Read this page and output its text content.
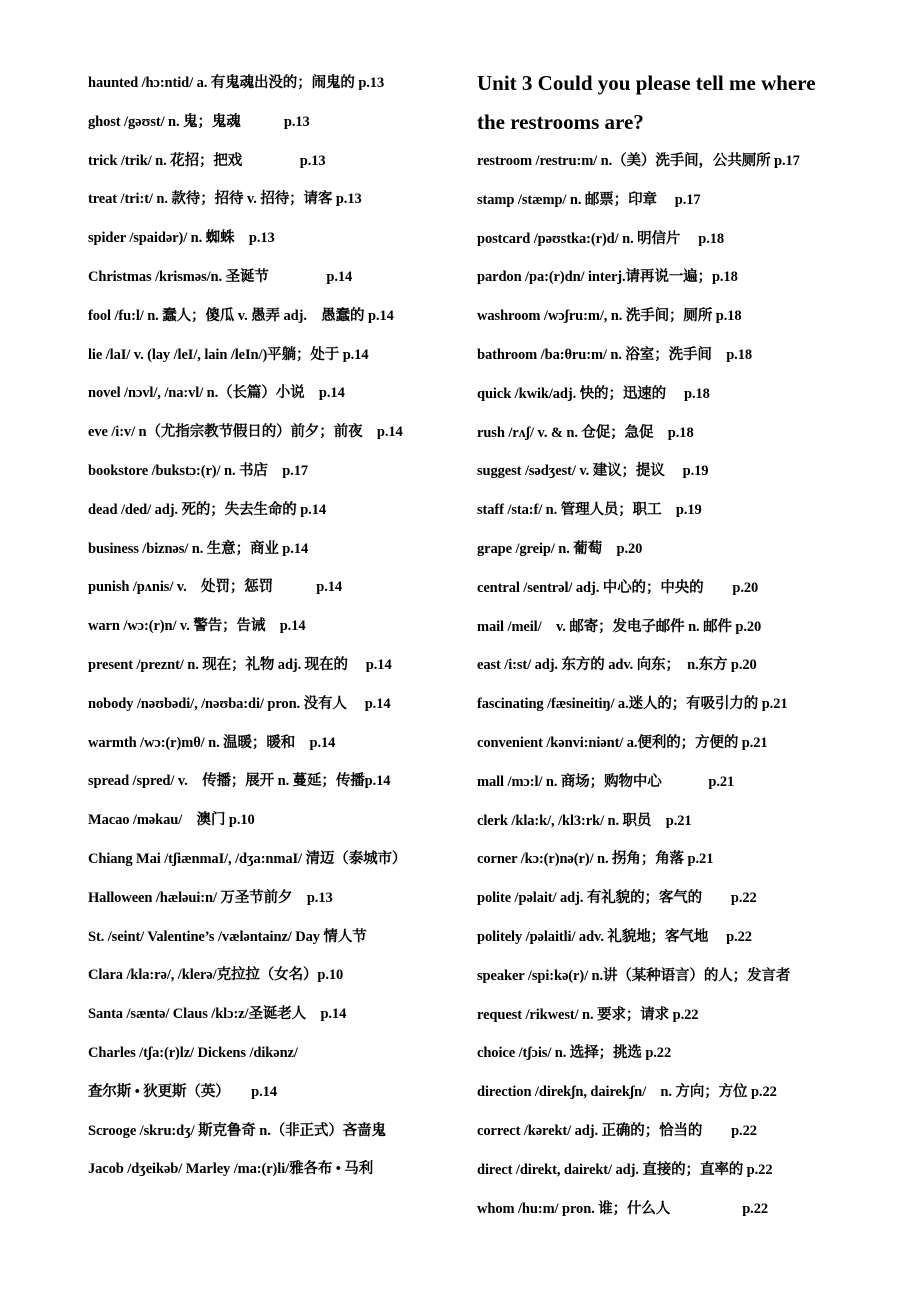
haunted /hɔ:ntid/ a. 有鬼魂出没的；闹鬼的 p.13
ghost /gəʊst/ n. 鬼；鬼魂　　　p.13
trick /trik/ n. 花招；把戏　　　　p.13
treat /tri:t/ n. 款待；招待 v. 招待；请客 p.13
spider /spaidər)/ n. 蜘蛛　p.13
Christmas /krisməs/n. 圣诞节　　　　p.14
fool /fu:l/ n. 蠢人；傻瓜 v. 愚弄 adj.　愚蠢的 p.14
lie /laI/ v. (lay /leI/, lain /leIn/)平躺；处于 p.14
novel /nɔvl/, /na:vl/ n.（长篇）小说　p.14
eve /i:v/ n（尤指宗教节假日的）前夕；前夜　p.14
bookstore /bukstɔ:(r)/ n. 书店　p.17
dead /ded/ adj. 死的；失去生命的 p.14
business /biznəs/ n. 生意；商业 p.14
punish /pʌnis/ v.　处罚；惩罚　　　p.14
warn /wɔ:(r)n/ v. 警告；告诫　p.14
present /preznt/ n. 现在；礼物 adj. 现在的　 p.14
nobody /nəʊbədi/, /nəʊba:di/ pron. 没有人　 p.14
warmth /wɔ:(r)mθ/ n. 温暖；暖和　p.14
spread /spred/ v.　传播；展开 n. 蔓延；传播p.14
Macao /məkau/　澳门 p.10
Chiang Mai /tʃiænmaI/, /dʒa:nmaI/ 清迈（泰城市）
Halloween /hæləui:n/ 万圣节前夕　p.13
St. /seint/ Valentine’s /væləntainz/ Day 情人节
Clara /kla:rə/, /klerə/克拉拉（女名）p.10
Santa /sæntə/ Claus /klɔ:z/圣诞老人　p.14
Charles /tʃa:(r)lz/ Dickens /dikənz/
查尔斯 • 狄更斯（英）　　p.14
Scrooge /skru:dʒ/ 斯克鲁奇 n.（非正式）吝啬鬼
Jacob /dʒeikəb/ Marley /ma:(r)li/雅各布 • 马利
Unit 3 Could you please tell me where the restrooms are?
restroom /restru:m/ n.（美）洗手间，公共厕所 p.17
stamp /stæmp/ n. 邮票；印章　 p.17
postcard /pəʊstka:(r)d/ n. 明信片　 p.18
pardon /pa:(r)dn/ interj.请再说一遍；p.18
washroom /wɔʃru:m/, n. 洗手间；厕所 p.18
bathroom /ba:θru:m/ n. 浴室；洗手间　p.18
quick /kwik/adj. 快的；迅速的　 p.18
rush /rʌʃ/ v. & n. 仓促；急促　p.18
suggest /sədʒest/ v. 建议；提议　 p.19
staff /sta:f/ n. 管理人员；职工　p.19
grape /greip/ n. 葡萄　p.20
central /sentrəl/ adj. 中心的；中央的　　p.20
mail /meil/　v. 邮寄；发电子邮件 n. 邮件 p.20
east /i:st/ adj. 东方的 adv. 向东；　n.东方 p.20
fascinating /fæsineitiŋ/ a.迷人的；有吸引力的 p.21
convenient /kənvi:niənt/ a.便利的；方便的 p.21
mall /mɔ:l/ n. 商场；购物中心　　　 p.21
clerk /kla:k/, /kl3:rk/ n. 职员　p.21
corner /kɔ:(r)nə(r)/ n. 拐角；角落 p.21
polite /pəlait/ adj. 有礼貌的；客气的　　p.22
politely /pəlaitli/ adv. 礼貌地；客气地　 p.22
speaker /spi:kə(r)/ n.讲（某种语言）的人；发言者
request /rikwest/ n. 要求；请求 p.22
choice /tʃɔis/ n. 选择；挑选 p.22
direction /direkʃn, dairekʃn/　n. 方向；方位 p.22
correct /kərekt/ adj. 正确的；恰当的　　p.22
direct /direkt, dairekt/ adj. 直接的；直率的 p.22
whom /hu:m/ pron. 谁；什么人　　　　　p.22
